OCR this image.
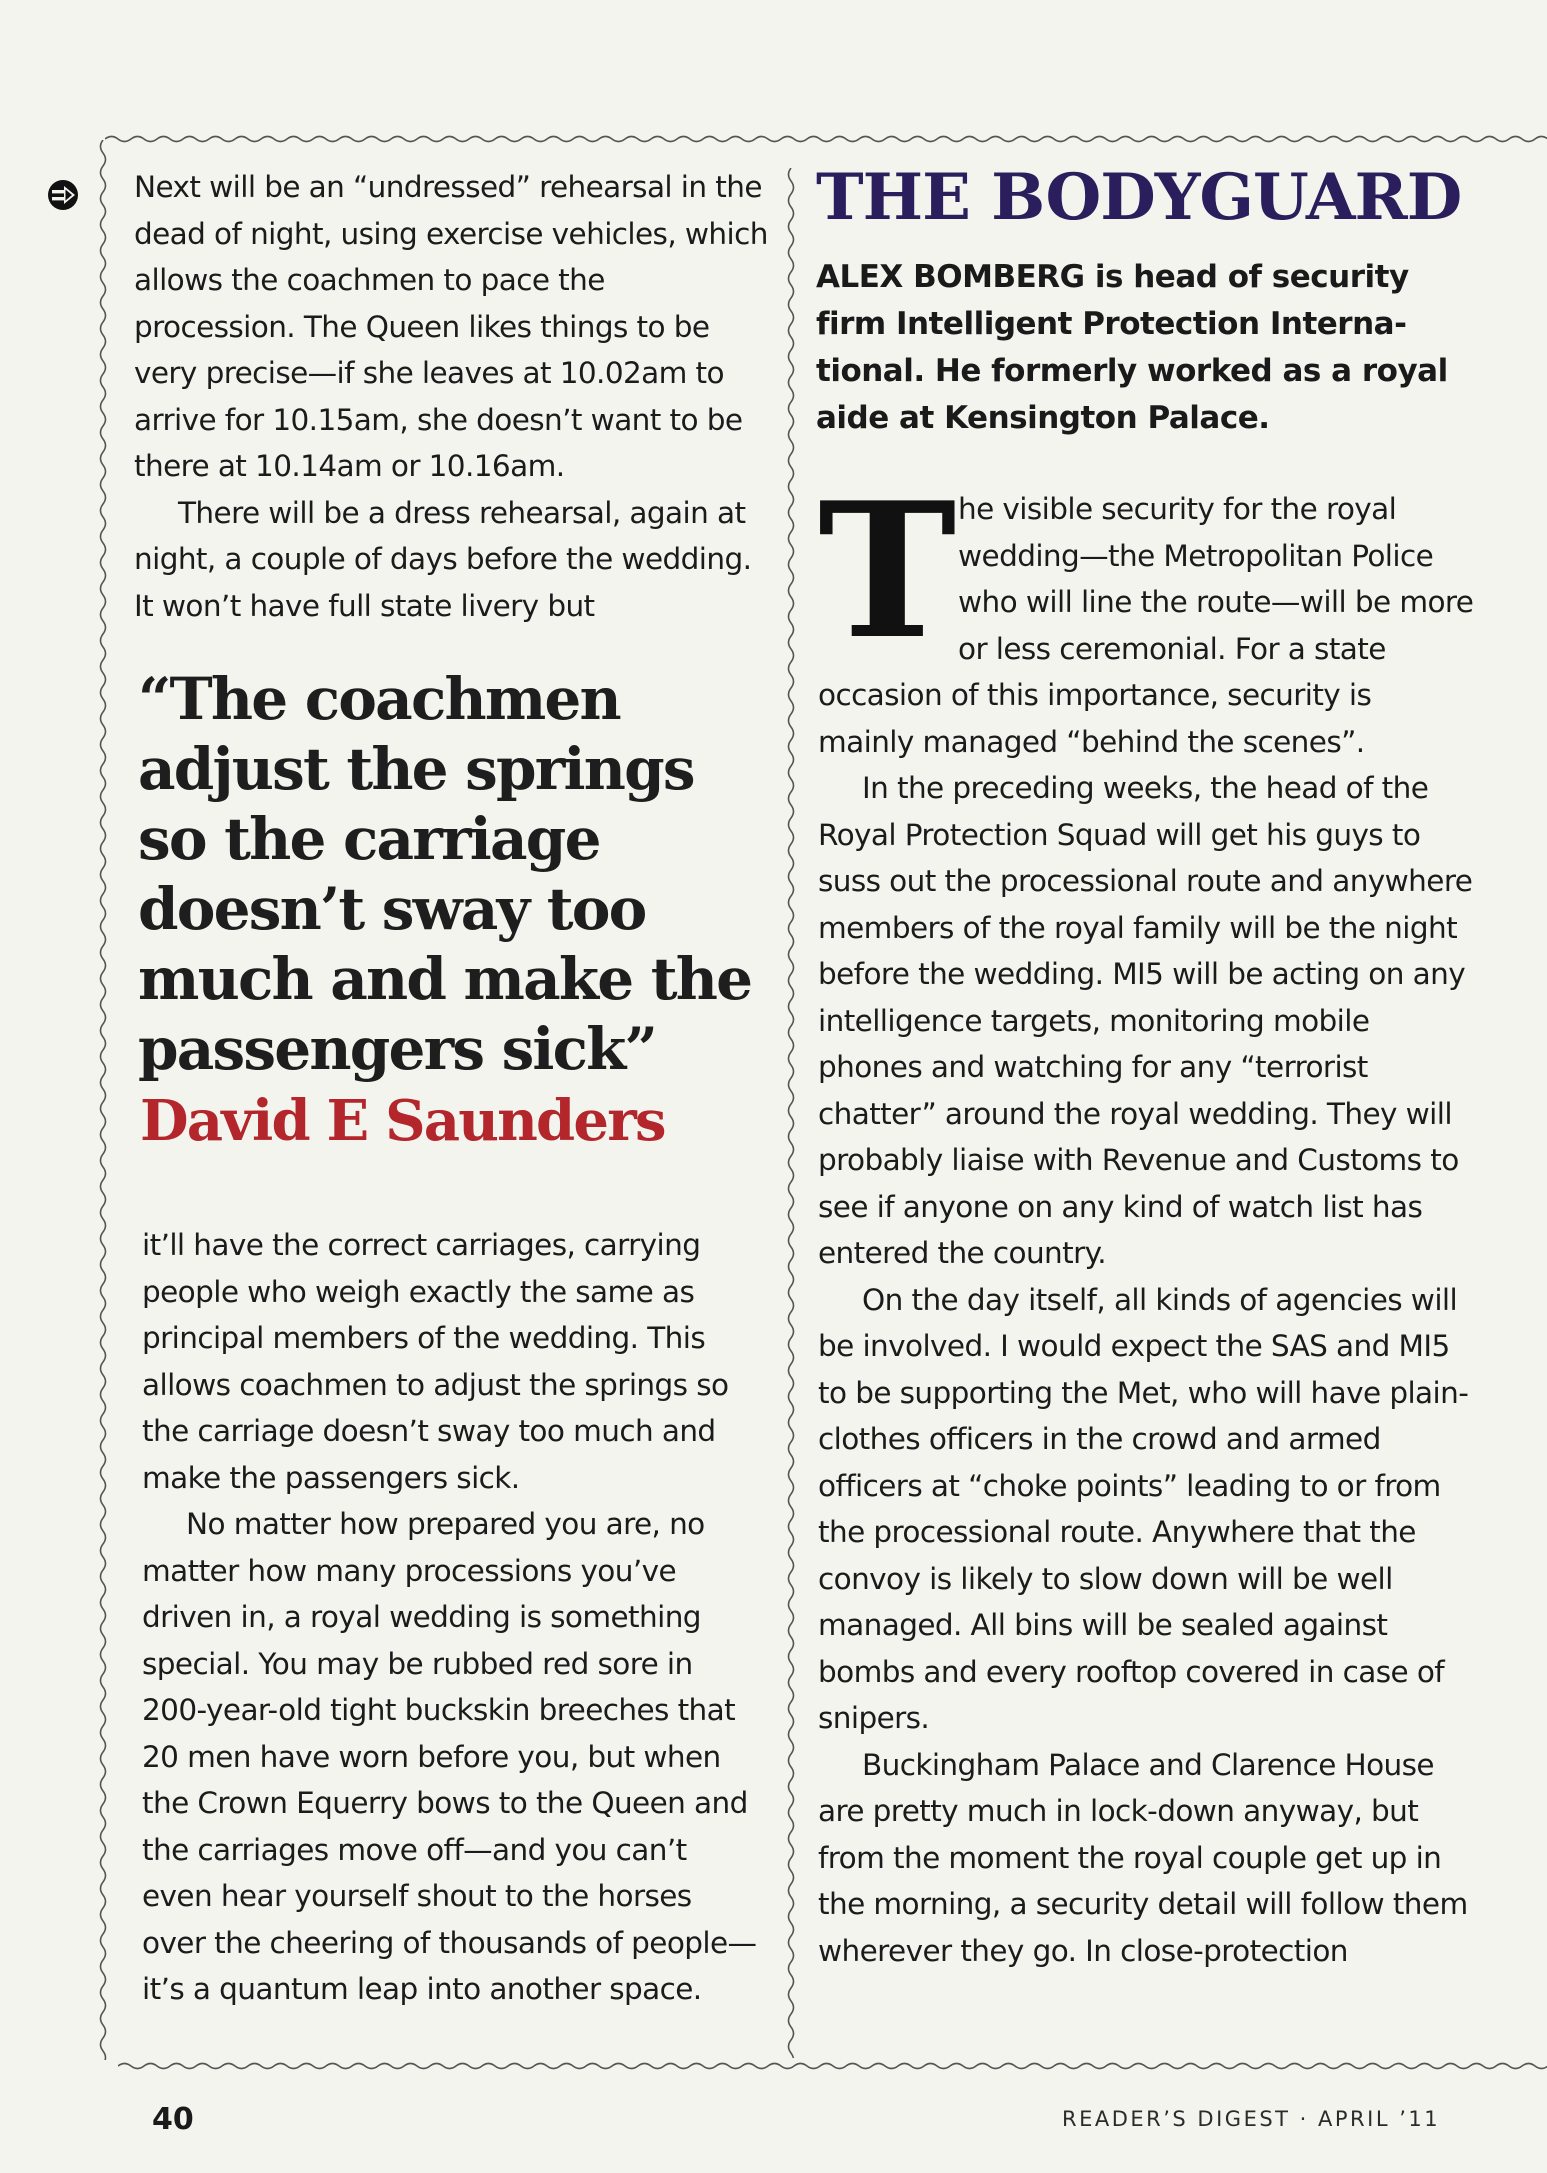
Next will be an “undressed” rehearsal in the dead of night, using exercise vehicles, which allows the coachmen to pace the procession. The Queen likes things to be very precise—if she leaves at 10.02am to arrive for 10.15am, she doesn’t want to be there at 10.14am or 10.16am.

There will be a dress rehearsal, again at night, a couple of days before the wedding. It won’t have full state livery but

“The coachmen adjust the springs so the carriage doesn’t sway too much and make the passengers sick”

David E Saunders

it’ll have the correct carriages, carrying people who weigh exactly the same as principal members of the wedding. This allows coachmen to adjust the springs so the carriage doesn’t sway too much and make the passengers sick.

No matter how prepared you are, no matter how many processions you’ve driven in, a royal wedding is something special. You may be rubbed red sore in 200-year-old tight buckskin breeches that 20 men have worn before you, but when the Crown Equerry bows to the Queen and the carriages move off—and you can’t even hear yourself shout to the horses over the cheering of thousands of people—it’s a quantum leap into another space.

THE BODYGUARD

ALEX BOMBERG is head of security firm Intelligent Protection Interna-tional. He formerly worked as a royal aide at Kensington Palace.

The visible security for the royal wedding—the Metropolitan Police who will line the route—will be more or less ceremonial. For a state occasion of this importance, security is mainly managed “behind the scenes”.

In the preceding weeks, the head of the Royal Protection Squad will get his guys to suss out the processional route and anywhere members of the royal family will be the night before the wedding. MI5 will be acting on any intelligence targets, monitoring mobile phones and watching for any “terrorist chatter” around the royal wedding. They will probably liaise with Revenue and Customs to see if anyone on any kind of watch list has entered the country.

On the day itself, all kinds of agencies will be involved. I would expect the SAS and MI5 to be supporting the Met, who will have plain-clothes officers in the crowd and armed officers at “choke points” leading to or from the processional route. Anywhere that the convoy is likely to slow down will be well managed. All bins will be sealed against bombs and every rooftop covered in case of snipers.

Buckingham Palace and Clarence House are pretty much in lock-down anyway, but from the moment the royal couple get up in the morning, a security detail will follow them wherever they go. In close-protection

40	READER’S DIGEST · APRIL ’11
